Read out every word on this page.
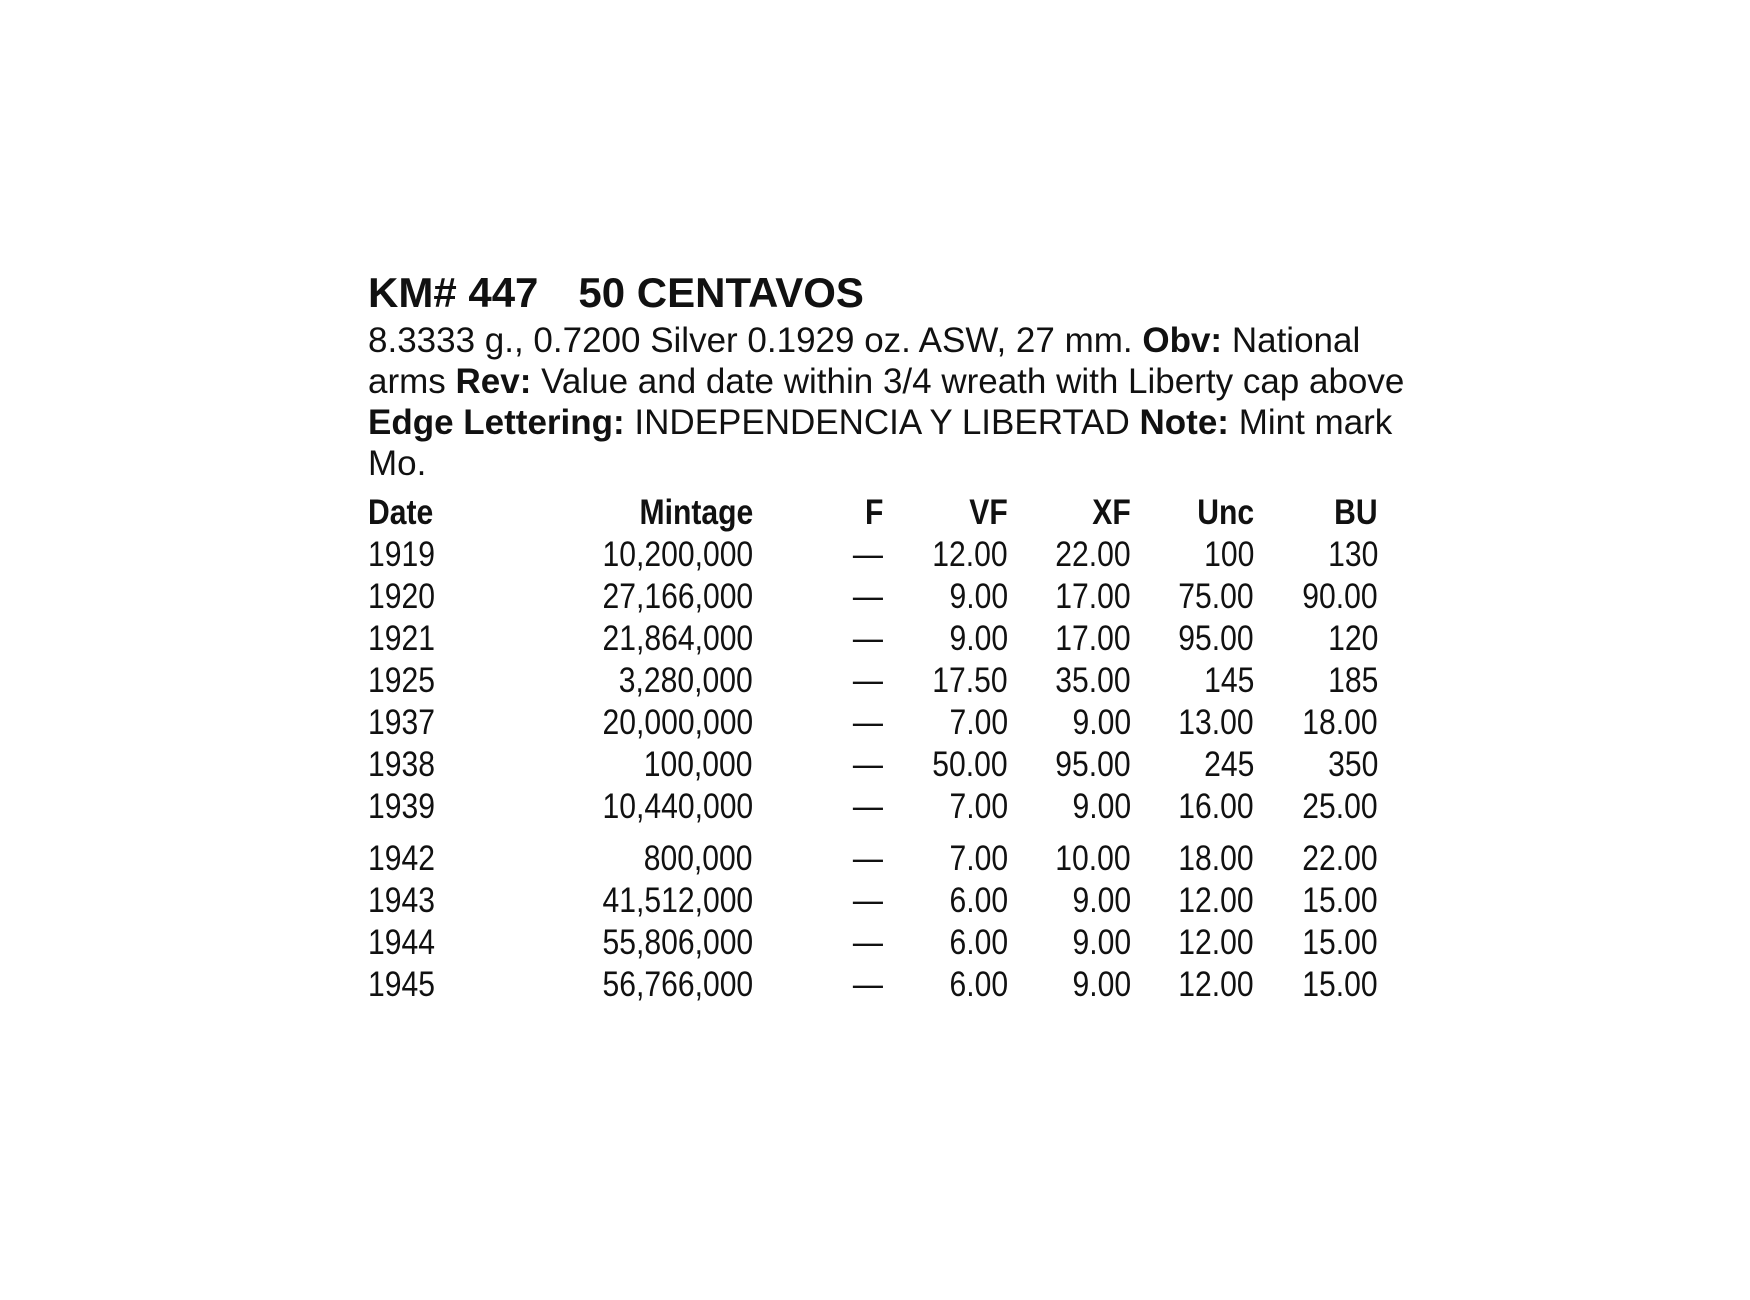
KM# 447 50 CENTAVOS
8.3333 g., 0.7200 Silver 0.1929 oz. ASW, 27 mm. Obv: National arms Rev: Value and date within 3/4 wreath with Liberty cap above Edge Lettering: INDEPENDENCIA Y LIBERTAD Note: Mint mark Mo.
Date	Mintage	F	VF	XF	Unc	BU
1919	10,200,000	—	12.00	22.00	100	130
1920	27,166,000	—	9.00	17.00	75.00	90.00
1921	21,864,000	—	9.00	17.00	95.00	120
1925	3,280,000	—	17.50	35.00	145	185
1937	20,000,000	—	7.00	9.00	13.00	18.00
1938	100,000	—	50.00	95.00	245	350
1939	10,440,000	—	7.00	9.00	16.00	25.00
1942	800,000	—	7.00	10.00	18.00	22.00
1943	41,512,000	—	6.00	9.00	12.00	15.00
1944	55,806,000	—	6.00	9.00	12.00	15.00
1945	56,766,000	—	6.00	9.00	12.00	15.00
